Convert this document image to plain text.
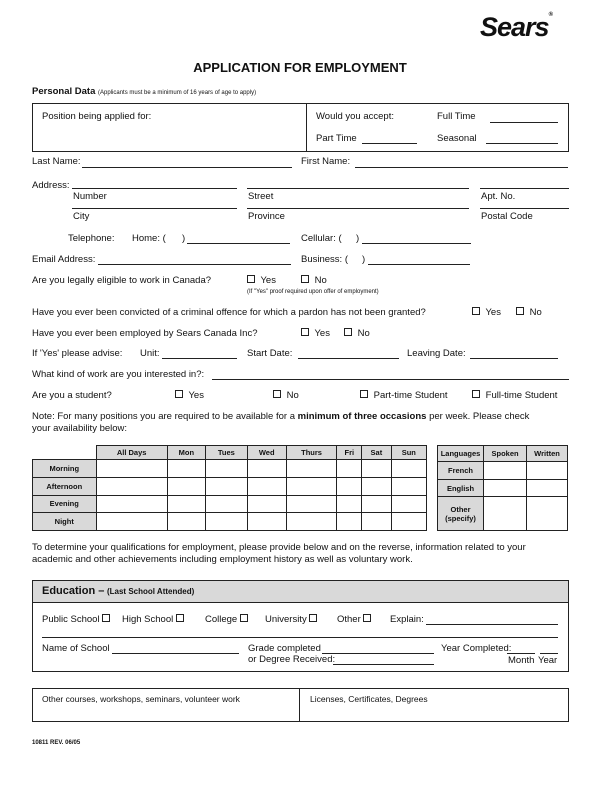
Sears®
APPLICATION FOR EMPLOYMENT
Personal Data (Applicants must be a minimum of 16 years of age to apply)
Position being applied for:	Would you accept:	Full Time
Part Time	Seasonal
Last Name:	First Name:
Address:
Number	Street	Apt. No.
City	Province	Postal Code
Telephone: Home: ( )	Cellular: ( )
Email Address:	Business: ( )
Are you legally eligible to work in Canada?	Yes	No
(If "Yes" proof required upon offer of employment)
Have you ever been convicted of a criminal offence for which a pardon has not been granted?	Yes	No
Have you ever been employed by Sears Canada Inc?	Yes	No
If 'Yes' please advise: Unit:	Start Date:	Leaving Date:
What kind of work are you interested in?:
Are you a student?	Yes	No	Part-time Student	Full-time Student
Note: For many positions you are required to be available for a minimum of three occasions per week. Please check
your availability below:
	All Days	Mon	Tues	Wed	Thurs	Fri	Sat	Sun
Morning								
Afternoon								
Evening								
Night								
Languages	Spoken	Written
French		
English		
Other (specify)		
To determine your qualifications for employment, please provide below and on the reverse, information related to your
academic and other achievements including employment history as well as voluntary work.
Education – (Last School Attended)
Public School	High School	College	University	Other	Explain:
Name of School	Grade completed
or Degree Received:
Year Completed:
Month Year
Other courses, workshops, seminars, volunteer work	Licenses, Certificates, Degrees
10811 REV. 06/05
